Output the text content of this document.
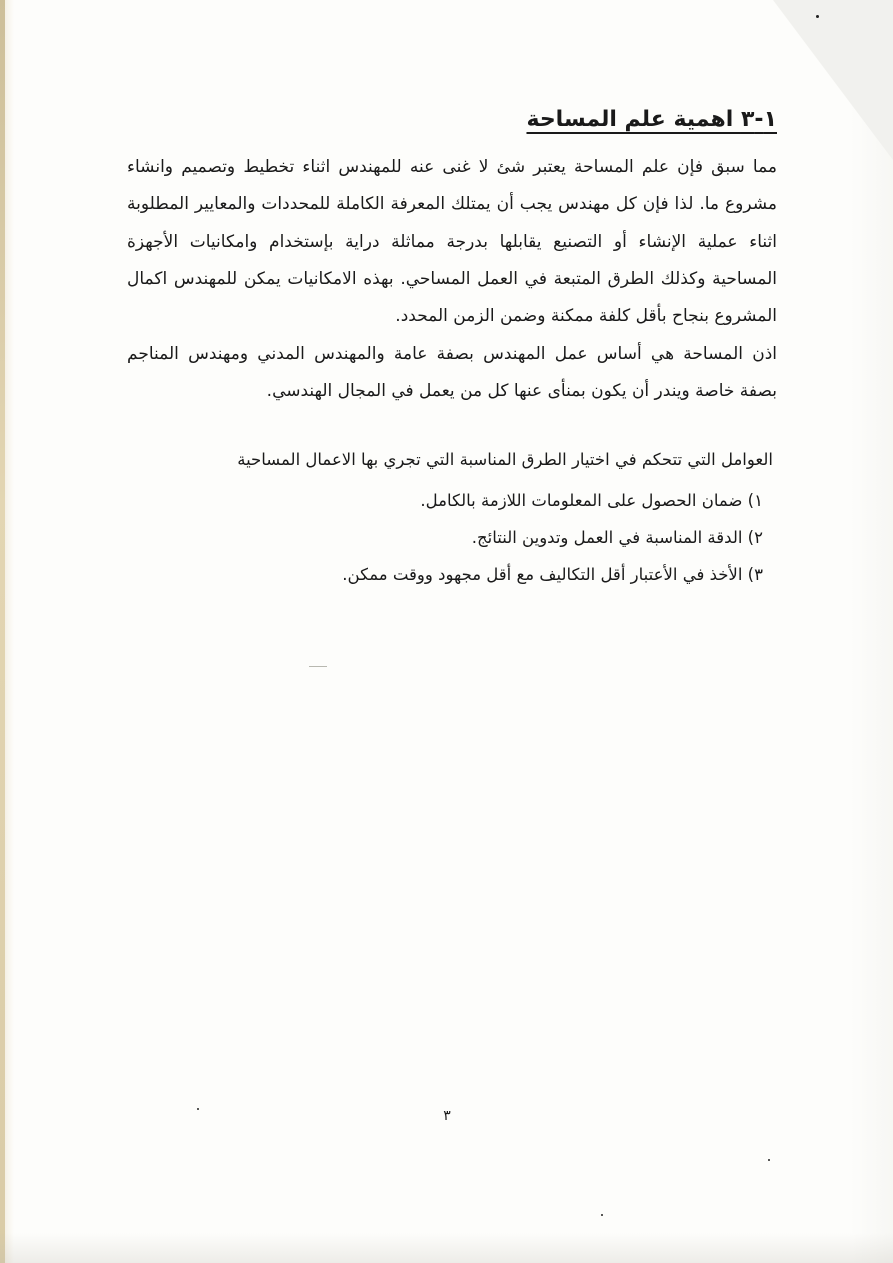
١-٣ اهمية علم المساحة

مما سبق فإن علم المساحة يعتبر شئ لا غنى عنه للمهندس اثناء تخطيط وتصميم وانشاء مشروع ما. لذا فإن كل مهندس يجب أن يمتلك المعرفة الكاملة للمحددات والمعايير المطلوبة اثناء عملية الإنشاء أو التصنيع يقابلها بدرجة مماثلة دراية بإستخدام وامكانيات الأجهزة المساحية وكذلك الطرق المتبعة في العمل المساحي. بهذه الامكانيات يمكن للمهندس اكمال المشروع بنجاح بأقل كلفة ممكنة وضمن الزمن المحدد.

اذن المساحة هي أساس عمل المهندس بصفة عامة والمهندس المدني ومهندس المناجم بصفة خاصة ويندر أن يكون بمنأى عنها كل من يعمل في المجال الهندسي.

العوامل التي تتحكم في اختيار الطرق المناسبة التي تجري بها الاعمال المساحية

١) ضمان الحصول على المعلومات اللازمة بالكامل.
٢) الدقة المناسبة في العمل وتدوين النتائج.
٣) الأخذ في الأعتبار أقل التكاليف مع أقل مجهود ووقت ممكن.

٣
